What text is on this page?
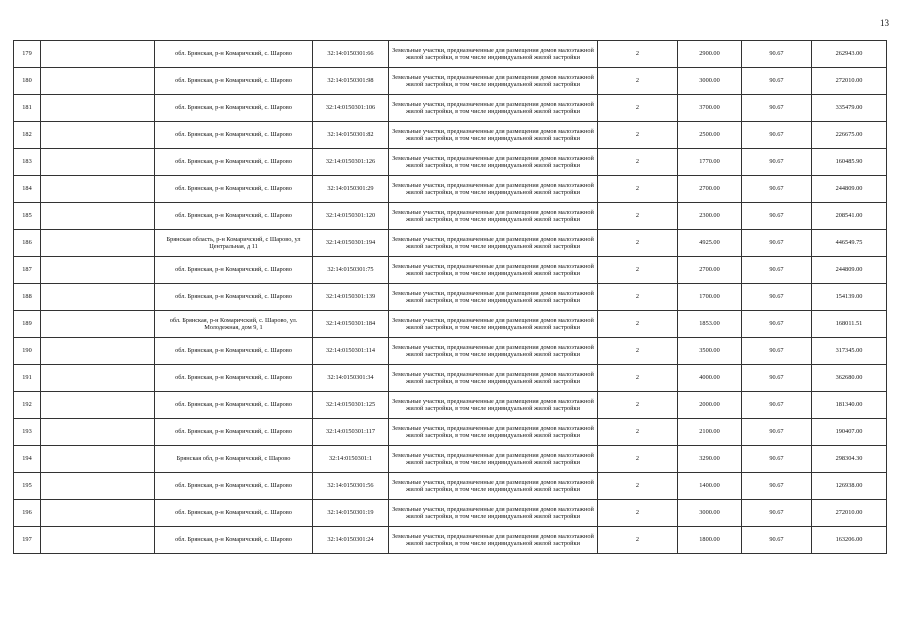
13
179		обл. Брянская, р-н Комаричский, с. Шарово	32:14:0150301:66	Земельные участки, предназначенные для размещения домов малоэтажной жилой застройки, в том числе индивидуальной жилой застройки	2	2900.00	90.67	262943.00
180		обл. Брянская, р-н Комаричский, с. Шарово	32:14:0150301:98	Земельные участки, предназначенные для размещения домов малоэтажной жилой застройки, в том числе индивидуальной жилой застройки	2	3000.00	90.67	272010.00
181		обл. Брянская, р-н Комаричский, с. Шарово	32:14:0150301:106	Земельные участки, предназначенные для размещения домов малоэтажной жилой застройки, в том числе индивидуальной жилой застройки	2	3700.00	90.67	335479.00
182		обл. Брянская, р-н Комаричский, с. Шарово	32:14:0150301:82	Земельные участки, предназначенные для размещения домов малоэтажной жилой застройки, в том числе индивидуальной жилой застройки	2	2500.00	90.67	226675.00
183		обл. Брянская, р-н Комаричский, с. Шарово	32:14:0150301:126	Земельные участки, предназначенные для размещения домов малоэтажной жилой застройки, в том числе индивидуальной жилой застройки	2	1770.00	90.67	160485.90
184		обл. Брянская, р-н Комаричский, с. Шарово	32:14:0150301:29	Земельные участки, предназначенные для размещения домов малоэтажной жилой застройки, в том числе индивидуальной жилой застройки	2	2700.00	90.67	244809.00
185		обл. Брянская, р-н Комаричский, с. Шарово	32:14:0150301:120	Земельные участки, предназначенные для размещения домов малоэтажной жилой застройки, в том числе индивидуальной жилой застройки	2	2300.00	90.67	208541.00
186		Брянская область, р-н Комаричский, с Шарово, ул Центральная, д 11	32:14:0150301:194	Земельные участки, предназначенные для размещения домов малоэтажной жилой застройки, в том числе индивидуальной жилой застройки	2	4925.00	90.67	446549.75
187		обл. Брянская, р-н Комаричский, с. Шарово	32:14:0150301:75	Земельные участки, предназначенные для размещения домов малоэтажной жилой застройки, в том числе индивидуальной жилой застройки	2	2700.00	90.67	244809.00
188		обл. Брянская, р-н Комаричский, с. Шарово	32:14:0150301:139	Земельные участки, предназначенные для размещения домов малоэтажной жилой застройки, в том числе индивидуальной жилой застройки	2	1700.00	90.67	154139.00
189		обл. Брянская, р-н Комаричский, с. Шарово, ул. Молодежная, дом 9, 1	32:14:0150301:184	Земельные участки, предназначенные для размещения домов малоэтажной жилой застройки, в том числе индивидуальной жилой застройки	2	1853.00	90.67	168011.51
190		обл. Брянская, р-н Комаричский, с. Шарово	32:14:0150301:114	Земельные участки, предназначенные для размещения домов малоэтажной жилой застройки, в том числе индивидуальной жилой застройки	2	3500.00	90.67	317345.00
191		обл. Брянская, р-н Комаричский, с. Шарово	32:14:0150301:34	Земельные участки, предназначенные для размещения домов малоэтажной жилой застройки, в том числе индивидуальной жилой застройки	2	4000.00	90.67	362680.00
192		обл. Брянская, р-н Комаричский, с. Шарово	32:14:0150301:125	Земельные участки, предназначенные для размещения домов малоэтажной жилой застройки, в том числе индивидуальной жилой застройки	2	2000.00	90.67	181340.00
193		обл. Брянская, р-н Комаричский, с. Шарово	32:14:0150301:117	Земельные участки, предназначенные для размещения домов малоэтажной жилой застройки, в том числе индивидуальной жилой застройки	2	2100.00	90.67	190407.00
194		Брянская обл, р-н Комаричский, с Шарово	32:14:0150301:1	Земельные участки, предназначенные для размещения домов малоэтажной жилой застройки, в том числе индивидуальной жилой застройки	2	3290.00	90.67	298304.30
195		обл. Брянская, р-н Комаричский, с. Шарово	32:14:0150301:56	Земельные участки, предназначенные для размещения домов малоэтажной жилой застройки, в том числе индивидуальной жилой застройки	2	1400.00	90.67	126938.00
196		обл. Брянская, р-н Комаричский, с. Шарово	32:14:0150301:19	Земельные участки, предназначенные для размещения домов малоэтажной жилой застройки, в том числе индивидуальной жилой застройки	2	3000.00	90.67	272010.00
197		обл. Брянская, р-н Комаричский, с. Шарово	32:14:0150301:24	Земельные участки, предназначенные для размещения домов малоэтажной жилой застройки, в том числе индивидуальной жилой застройки	2	1800.00	90.67	163206.00
